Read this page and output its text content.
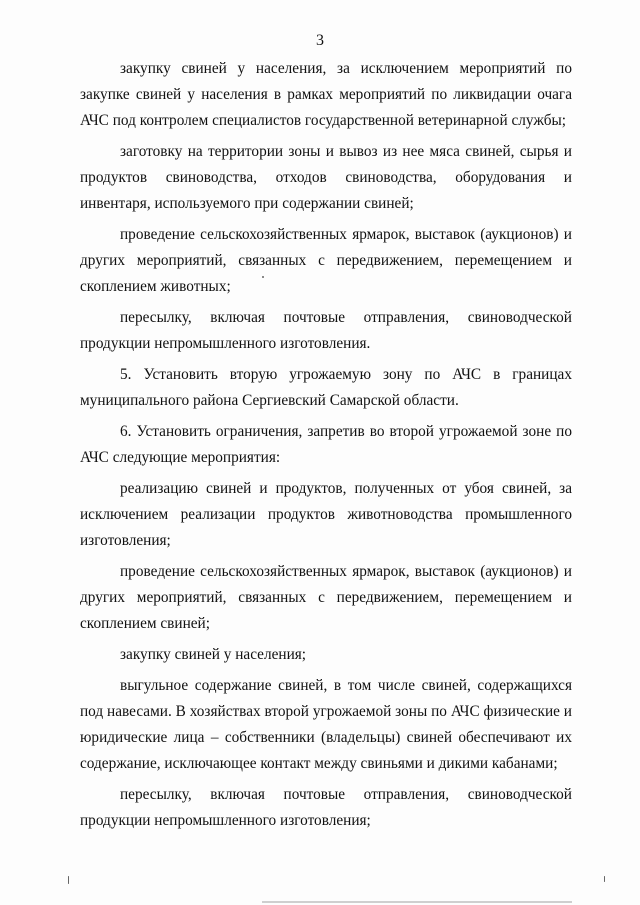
3

закупку свиней у населения, за исключением мероприятий по закупке свиней у населения в рамках мероприятий по ликвидации очага АЧС под контролем специалистов государственной ветеринарной службы;

заготовку на территории зоны и вывоз из нее мяса свиней, сырья и продуктов свиноводства, отходов свиноводства, оборудования и инвентаря, используемого при содержании свиней;

проведение сельскохозяйственных ярмарок, выставок (аукционов) и других мероприятий, связанных с передвижением, перемещением и скоплением животных;

пересылку, включая почтовые отправления, свиноводческой продукции непромышленного изготовления.

5. Установить вторую угрожаемую зону по АЧС в границах муниципального района Сергиевский Самарской области.

6. Установить ограничения, запретив во второй угрожаемой зоне по АЧС следующие мероприятия:

реализацию свиней и продуктов, полученных от убоя свиней, за исключением реализации продуктов животноводства промышленного изготовления;

проведение сельскохозяйственных ярмарок, выставок (аукционов) и других мероприятий, связанных с передвижением, перемещением и скоплением свиней;

закупку свиней у населения;

выгульное содержание свиней, в том числе свиней, содержащихся под навесами. В хозяйствах второй угрожаемой зоны по АЧС физические и юридические лица – собственники (владельцы) свиней обеспечивают их содержание, исключающее контакт между свиньями и дикими кабанами;

пересылку, включая почтовые отправления, свиноводческой продукции непромышленного изготовления;
